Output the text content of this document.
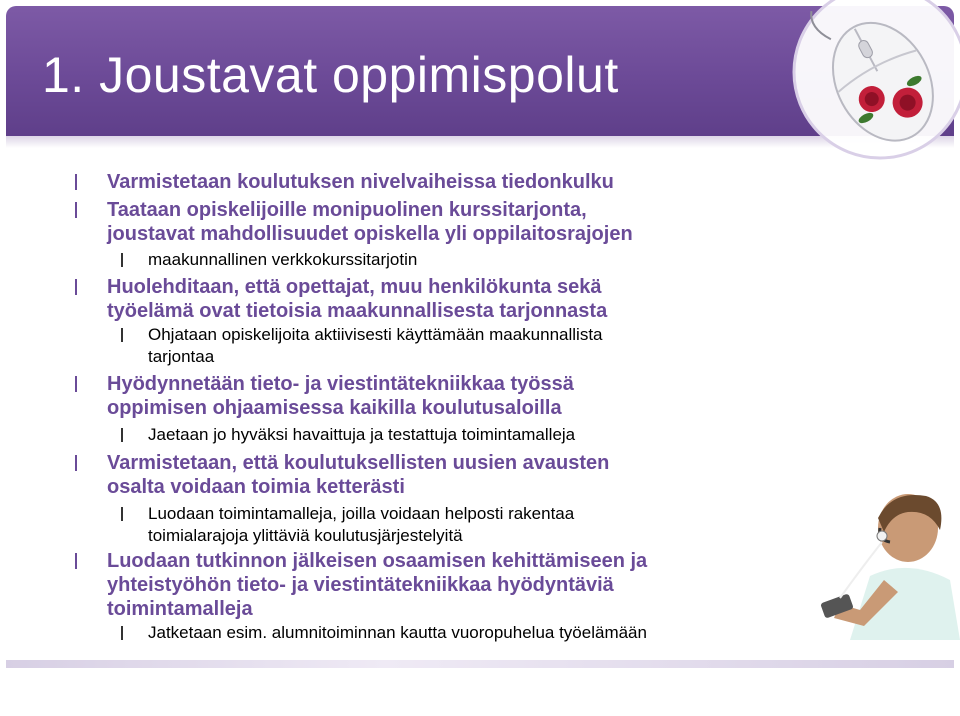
1. Joustavat oppimispolut
Varmistetaan koulutuksen nivelvaiheissa tiedonkulku
Taataan opiskelijoille monipuolinen kurssitarjonta,
joustavat mahdollisuudet opiskella yli oppilaitosrajojen
maakunnallinen verkkokurssitarjotin
Huolehditaan, että opettajat, muu henkilökunta sekä
työelämä ovat tietoisia maakunnallisesta tarjonnasta
Ohjataan opiskelijoita aktiivisesti käyttämään maakunnallista
tarjontaa
Hyödynnetään tieto- ja viestintätekniikkaa työssä
oppimisen ohjaamisessa kaikilla koulutusaloilla
Jaetaan jo hyväksi havaittuja ja testattuja toimintamalleja
Varmistetaan, että koulutuksellisten uusien avausten
osalta voidaan toimia ketterästi
Luodaan toimintamalleja, joilla voidaan helposti rakentaa
toimialarajoja ylittäviä koulutusjärjestelyitä
Luodaan tutkinnon jälkeisen osaamisen kehittämiseen ja
yhteistyöhön tieto- ja viestintätekniikkaa hyödyntäviä
toimintamalleja
Jatketaan esim. alumnitoiminnan kautta vuoropuhelua työelämään
